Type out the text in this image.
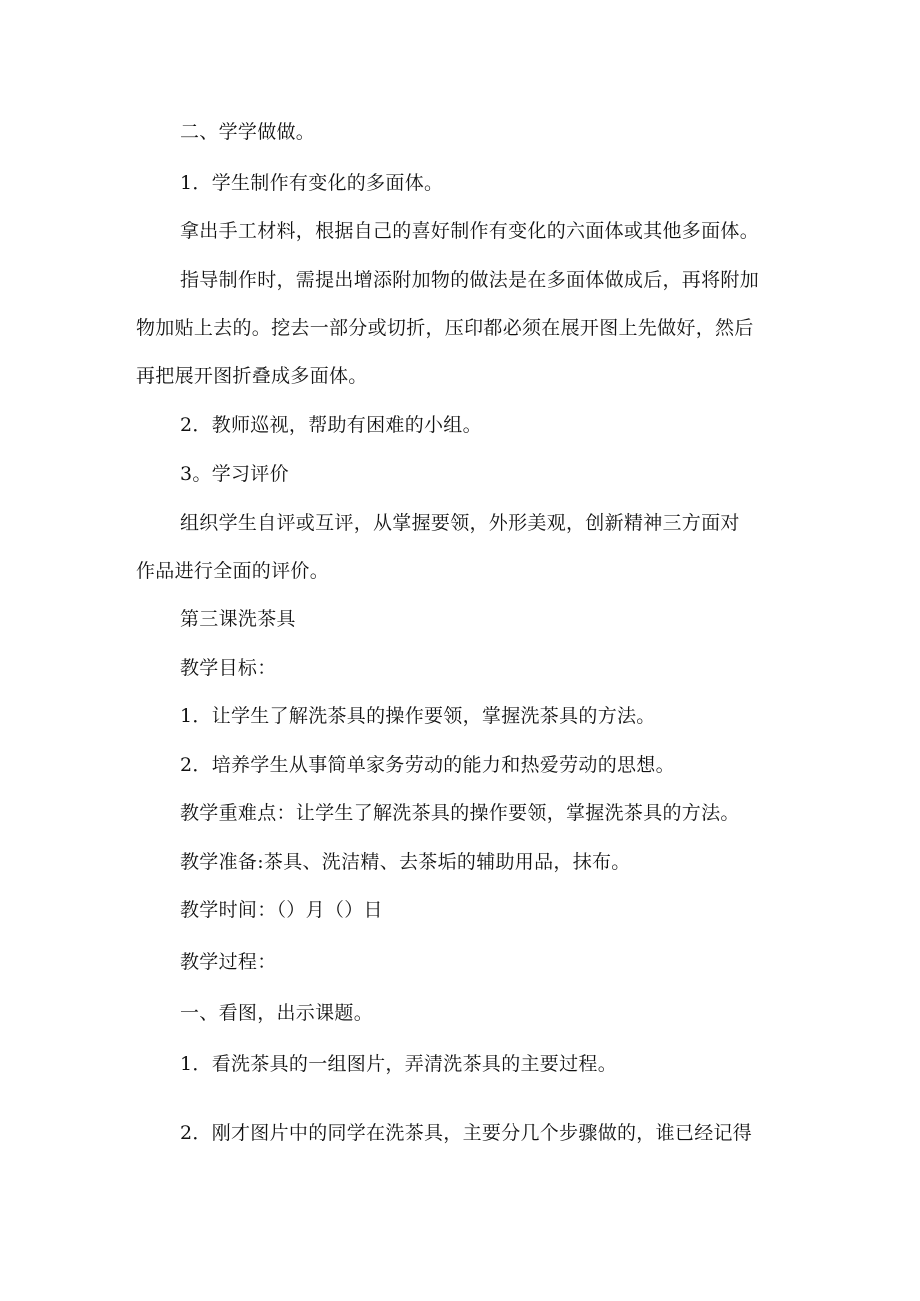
二、学学做做。
1．学生制作有变化的多面体。
拿出手工材料，根据自己的喜好制作有变化的六面体或其他多面体。
指导制作时，需提出增添附加物的做法是在多面体做成后，再将附加
物加贴上去的。挖去一部分或切折，压印都必须在展开图上先做好，然后
再把展开图折叠成多面体。
2．教师巡视，帮助有困难的小组。
3。学习评价
组织学生自评或互评，从掌握要领，外形美观，创新精神三方面对
作品进行全面的评价。
第三课洗茶具
教学目标：
1．让学生了解洗茶具的操作要领，掌握洗茶具的方法。
2．培养学生从事简单家务劳动的能力和热爱劳动的思想。
教学重难点：让学生了解洗茶具的操作要领，掌握洗茶具的方法。
教学准备:茶具、洗洁精、去茶垢的辅助用品，抹布。
教学时间：（）月（）日
教学过程：
一、看图，出示课题。
1．看洗茶具的一组图片，弄清洗茶具的主要过程。
2．刚才图片中的同学在洗茶具，主要分几个步骤做的，谁已经记得
